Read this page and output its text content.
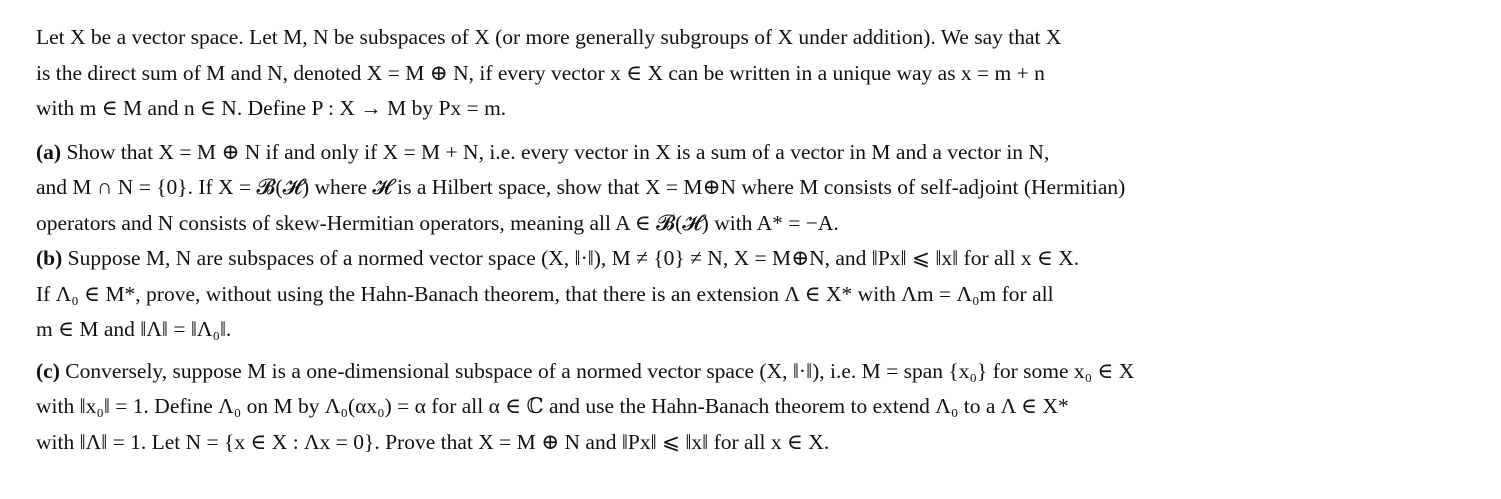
Let X be a vector space. Let M, N be subspaces of X (or more generally subgroups of X under addition). We say that X
is the direct sum of M and N, denoted X = M ⊕ N, if every vector x ∈ X can be written in a unique way as x = m + n
with m ∈ M and n ∈ N. Define P : X → M by Px = m.

(a) Show that X = M ⊕ N if and only if X = M + N, i.e. every vector in X is a sum of a vector in M and a vector in N,
and M ∩ N = {0}. If X = 𝓑(𝓗) where 𝓗 is a Hilbert space, show that X = M⊕N where M consists of self-adjoint (Hermitian)
operators and N consists of skew-Hermitian operators, meaning all A ∈ 𝓑(𝓗) with A* = −A.

(b) Suppose M, N are subspaces of a normed vector space (X, ‖·‖), M ≠ {0} ≠ N, X = M⊕N, and ‖Px‖ ⩽ ‖x‖ for all x ∈ X.
If Λ₀ ∈ M*, prove, without using the Hahn-Banach theorem, that there is an extension Λ ∈ X* with Λm = Λ₀m for all
m ∈ M and ‖Λ‖ = ‖Λ₀‖.

(c) Conversely, suppose M is a one-dimensional subspace of a normed vector space (X, ‖·‖), i.e. M = span {x₀} for some x₀ ∈ X
with ‖x₀‖ = 1. Define Λ₀ on M by Λ₀(αx₀) = α for all α ∈ ℂ and use the Hahn-Banach theorem to extend Λ₀ to a Λ ∈ X*
with ‖Λ‖ = 1. Let N = {x ∈ X : Λx = 0}. Prove that X = M ⊕ N and ‖Px‖ ⩽ ‖x‖ for all x ∈ X.
